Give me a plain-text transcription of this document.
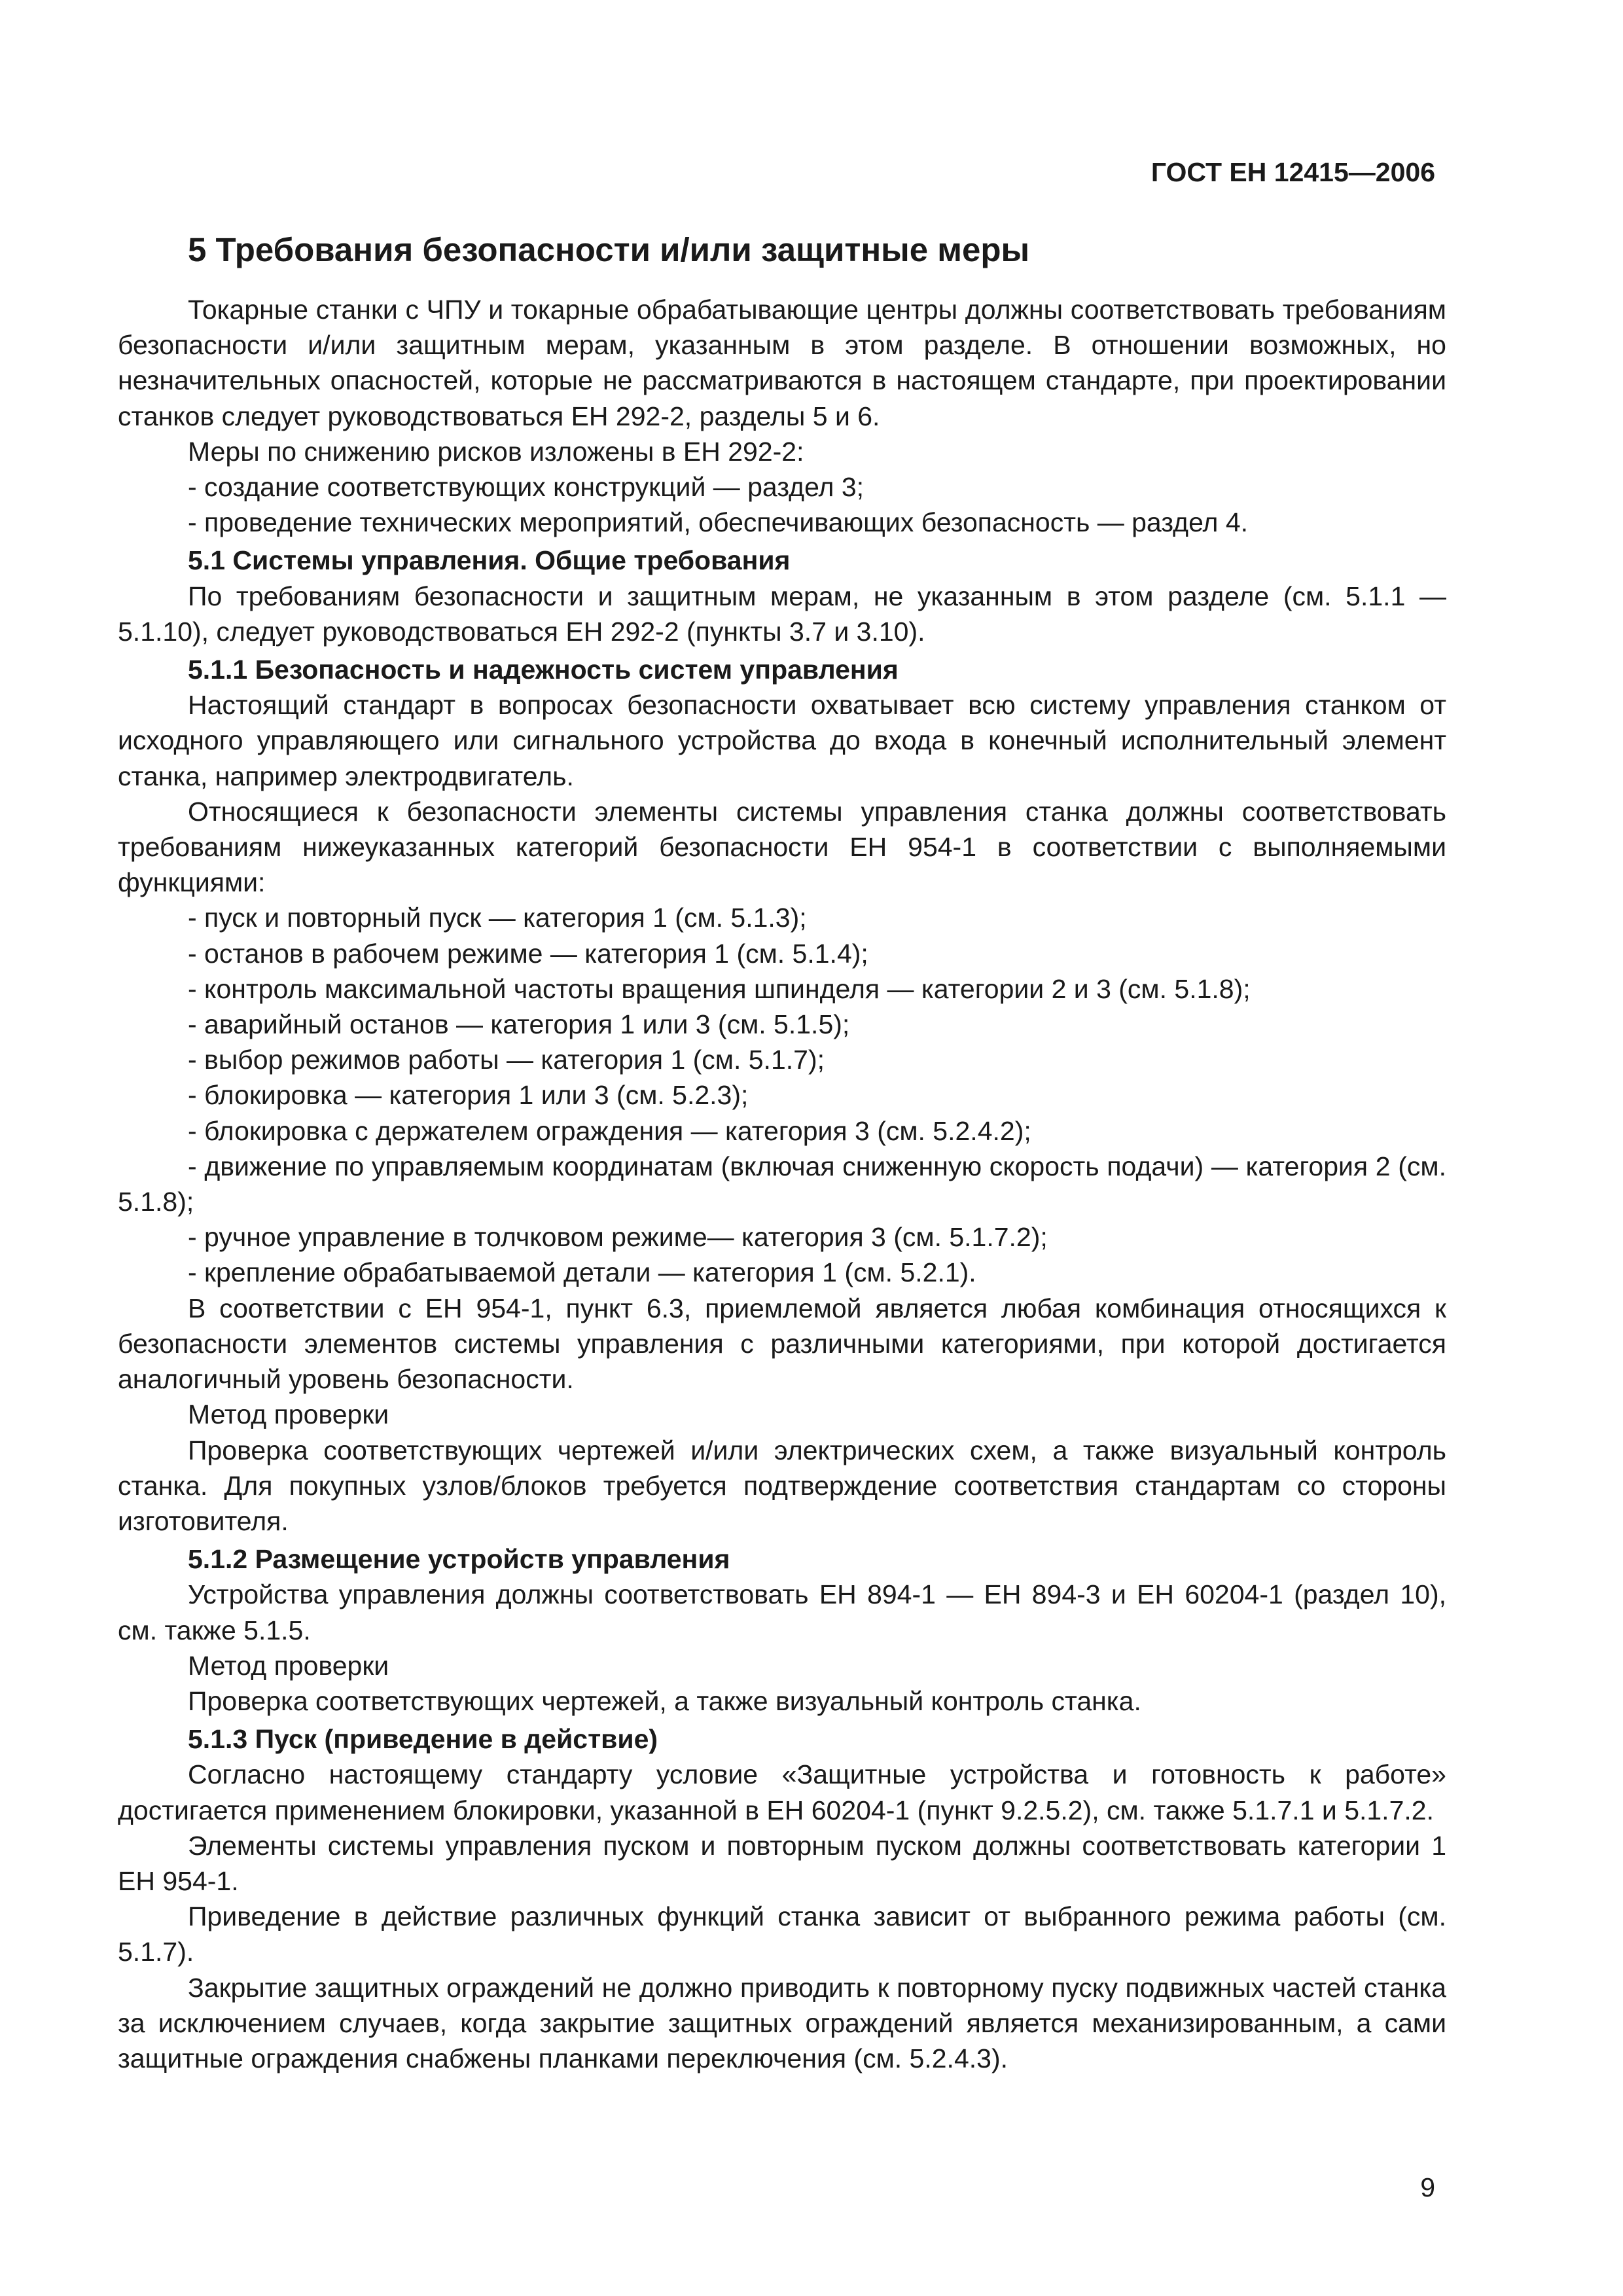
ГОСТ ЕН 12415—2006
5 Требования безопасности и/или защитные меры

Токарные станки с ЧПУ и токарные обрабатывающие центры должны соответствовать требованиям безопасности и/или защитным мерам, указанным в этом разделе. В отношении возможных, но незначительных опасностей, которые не рассматриваются в настоящем стандарте, при проектировании станков следует руководствоваться ЕН 292-2, разделы 5 и 6.

Меры по снижению рисков изложены в ЕН 292-2:

- создание соответствующих конструкций — раздел 3;

- проведение технических мероприятий, обеспечивающих безопасность — раздел 4.

5.1 Системы управления. Общие требования

По требованиям безопасности и защитным мерам, не указанным в этом разделе (см. 5.1.1 — 5.1.10), следует руководствоваться ЕН 292-2 (пункты 3.7 и 3.10).

5.1.1 Безопасность и надежность систем управления

Настоящий стандарт в вопросах безопасности охватывает всю систему управления станком от исходного управляющего или сигнального устройства до входа в конечный исполнительный элемент станка, например электродвигатель.

Относящиеся к безопасности элементы системы управления станка должны соответствовать требованиям нижеуказанных категорий безопасности ЕН 954-1 в соответствии с выполняемыми функциями:

- пуск и повторный пуск — категория 1 (см. 5.1.3);

- останов в рабочем режиме — категория 1 (см. 5.1.4);

- контроль максимальной частоты вращения шпинделя — категории 2 и 3 (см. 5.1.8);

- аварийный останов — категория 1 или 3 (см. 5.1.5);

- выбор режимов работы — категория 1 (см. 5.1.7);

- блокировка — категория 1 или 3 (см. 5.2.3);

- блокировка с держателем ограждения — категория 3 (см. 5.2.4.2);

- движение по управляемым координатам (включая сниженную скорость подачи) — категория 2 (см. 5.1.8);

- ручное управление в толчковом режиме— категория 3 (см. 5.1.7.2);

- крепление обрабатываемой детали — категория 1 (см. 5.2.1).

В соответствии с ЕН 954-1, пункт 6.3, приемлемой является любая комбинация относящихся к безопасности элементов системы управления с различными категориями, при которой достигается аналогичный уровень безопасности.

Метод проверки

Проверка соответствующих чертежей и/или электрических схем, а также визуальный контроль станка. Для покупных узлов/блоков требуется подтверждение соответствия стандартам со стороны изготовителя.

5.1.2 Размещение устройств управления

Устройства управления должны соответствовать ЕН 894-1 — ЕН 894-3 и ЕН 60204-1 (раздел 10), см. также 5.1.5.

Метод проверки

Проверка соответствующих чертежей, а также визуальный контроль станка.

5.1.3 Пуск (приведение в действие)

Согласно настоящему стандарту условие «Защитные устройства и готовность к работе» достигается применением блокировки, указанной в ЕН 60204-1 (пункт 9.2.5.2), см. также 5.1.7.1 и 5.1.7.2.

Элементы системы управления пуском и повторным пуском должны соответствовать категории 1 ЕН 954-1.

Приведение в действие различных функций станка зависит от выбранного режима работы (см. 5.1.7).

Закрытие защитных ограждений не должно приводить к повторному пуску подвижных частей станка за исключением случаев, когда закрытие защитных ограждений является механизированным, а сами защитные ограждения снабжены планками переключения (см. 5.2.4.3).

9
